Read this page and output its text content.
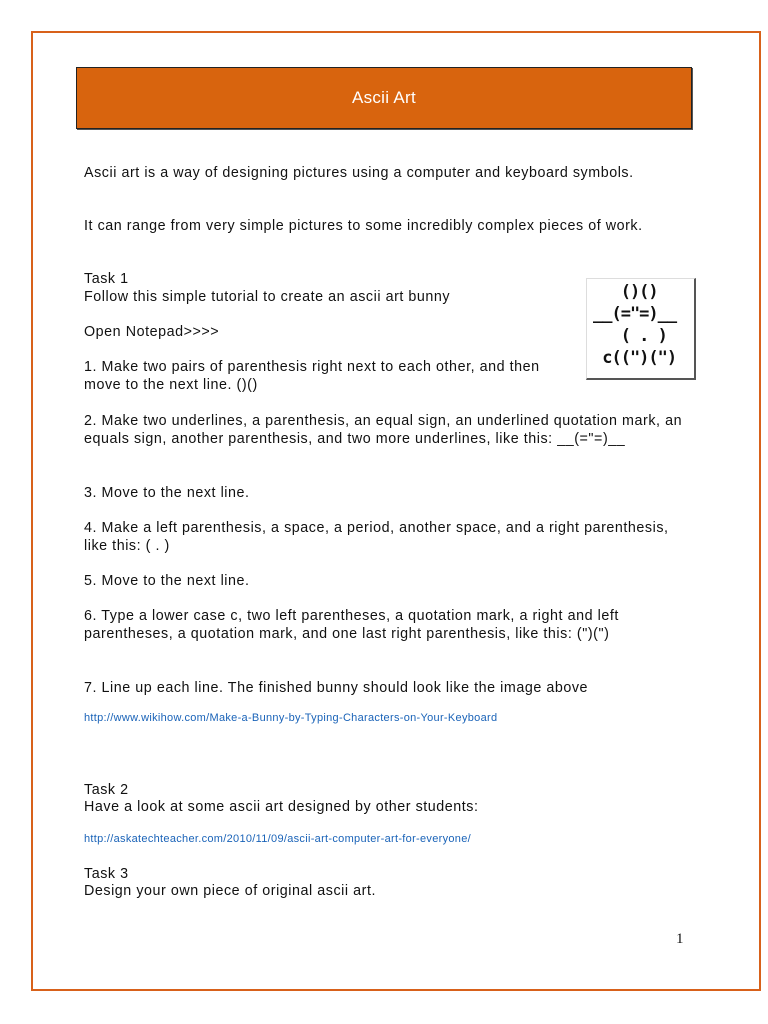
Ascii Art
Ascii art is a way of designing pictures using a computer and keyboard symbols.
It can range from very simple pictures to some incredibly complex pieces of work.
Task 1
Follow this simple tutorial to create an ascii art bunny
Open Notepad>>>>
()()
__(="=)__
( . )
c((")(")
1. Make two pairs of parenthesis right next to each other, and then move to the next line. ()()
2. Make two underlines, a parenthesis, an equal sign, an underlined quotation mark, an equals sign, another parenthesis, and two more underlines, like this: __(="=)__
3. Move to the next line.
4. Make a left parenthesis, a space, a period, another space, and a right parenthesis, like this: ( . )
5. Move to the next line.
6. Type a lower case c, two left parentheses, a quotation mark, a right and left parentheses, a quotation mark, and one last right parenthesis, like this: (")(")
7. Line up each line. The finished bunny should look like the image above
http://www.wikihow.com/Make-a-Bunny-by-Typing-Characters-on-Your-Keyboard
Task 2
Have a look at some ascii art designed by other students:
http://askatechteacher.com/2010/11/09/ascii-art-computer-art-for-everyone/
Task 3
Design your own piece of original ascii art.
1
